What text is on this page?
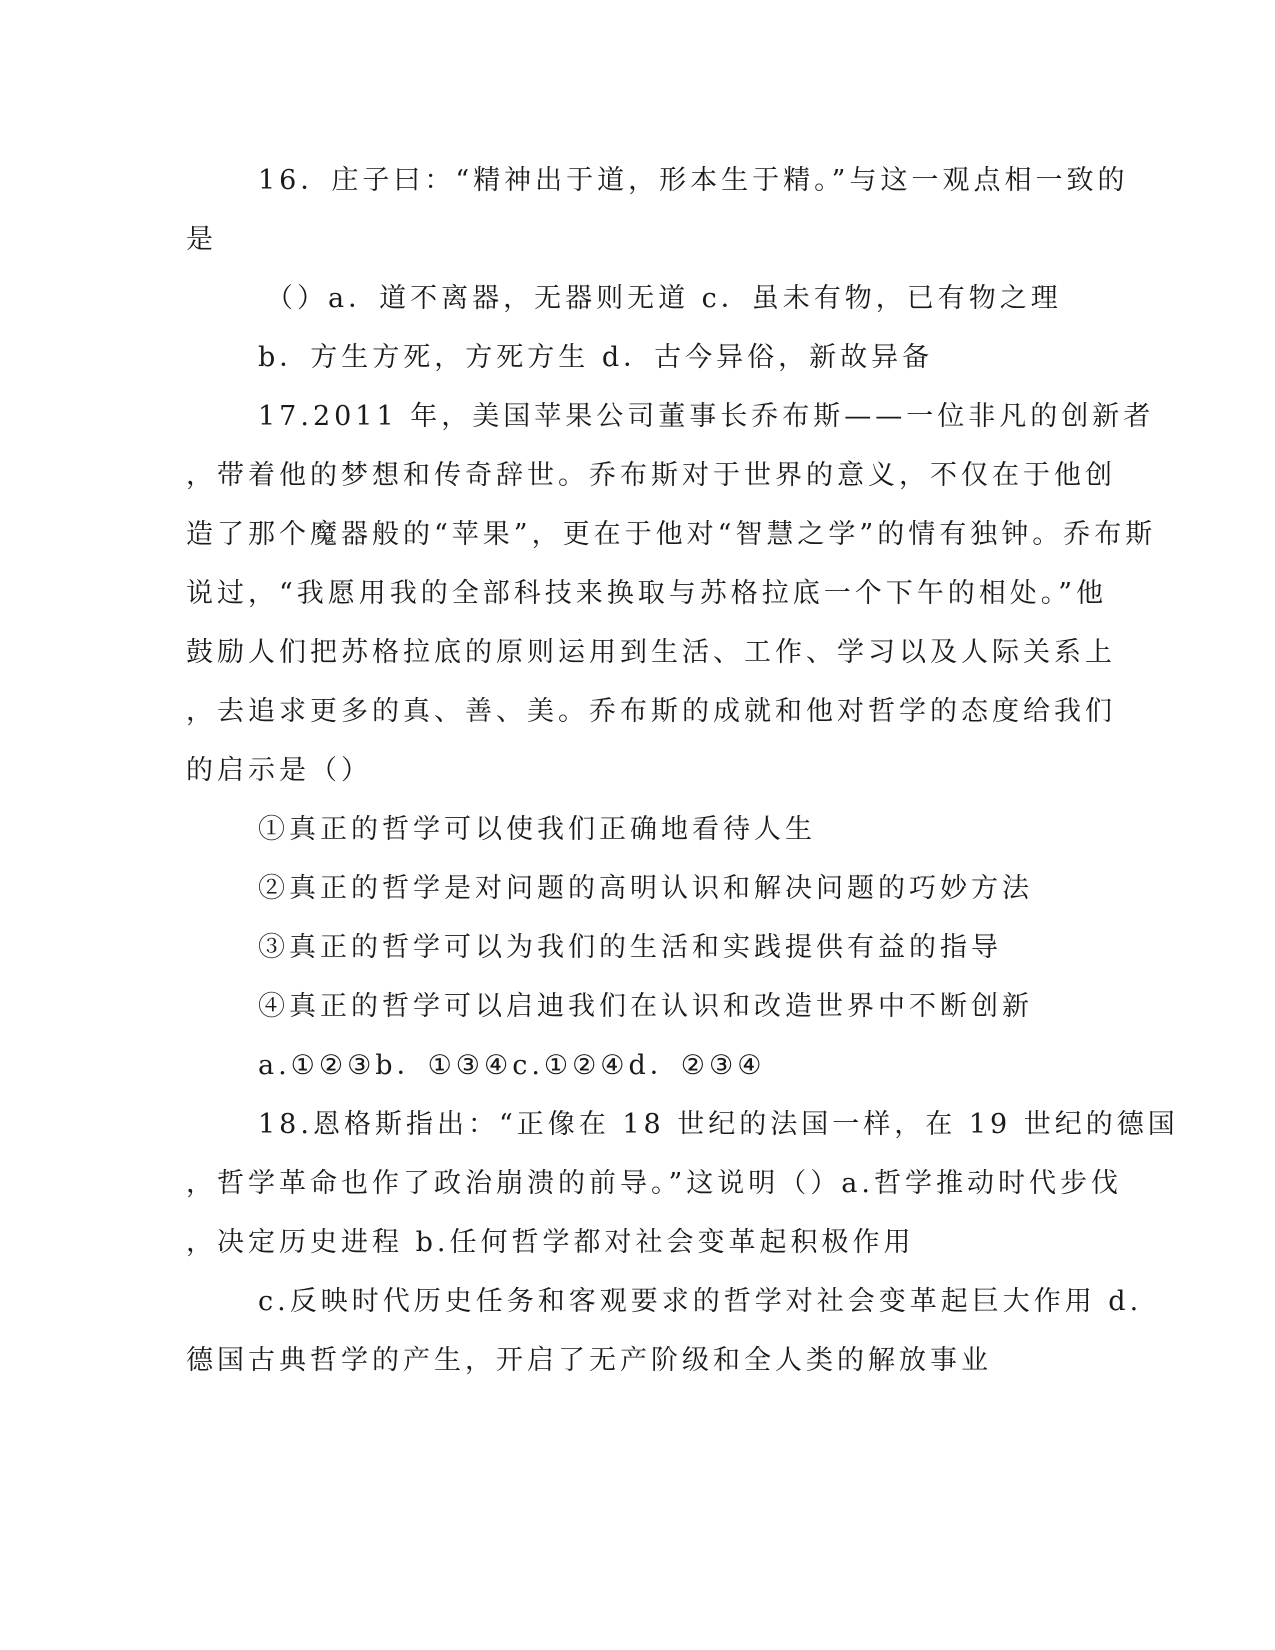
16．庄子曰：“精神出于道，形本生于精。”与这一观点相一致的
是
（）a．道不离器，无器则无道 c．虽未有物，已有物之理
b．方生方死，方死方生 d．古今异俗，新故异备
17.2011 年，美国苹果公司董事长乔布斯——一位非凡的创新者
，带着他的梦想和传奇辞世。乔布斯对于世界的意义，不仅在于他创
造了那个魔器般的“苹果”，更在于他对“智慧之学”的情有独钟。乔布斯
说过，“我愿用我的全部科技来换取与苏格拉底一个下午的相处。”他
鼓励人们把苏格拉底的原则运用到生活、工作、学习以及人际关系上
，去追求更多的真、善、美。乔布斯的成就和他对哲学的态度给我们
的启示是（）
①真正的哲学可以使我们正确地看待人生
②真正的哲学是对问题的高明认识和解决问题的巧妙方法
③真正的哲学可以为我们的生活和实践提供有益的指导
④真正的哲学可以启迪我们在认识和改造世界中不断创新
a.①②③b．①③④c.①②④d．②③④
18.恩格斯指出：“正像在 18 世纪的法国一样，在 19 世纪的德国
，哲学革命也作了政治崩溃的前导。”这说明（）a.哲学推动时代步伐
，决定历史进程 b.任何哲学都对社会变革起积极作用
c.反映时代历史任务和客观要求的哲学对社会变革起巨大作用 d.
德国古典哲学的产生，开启了无产阶级和全人类的解放事业
